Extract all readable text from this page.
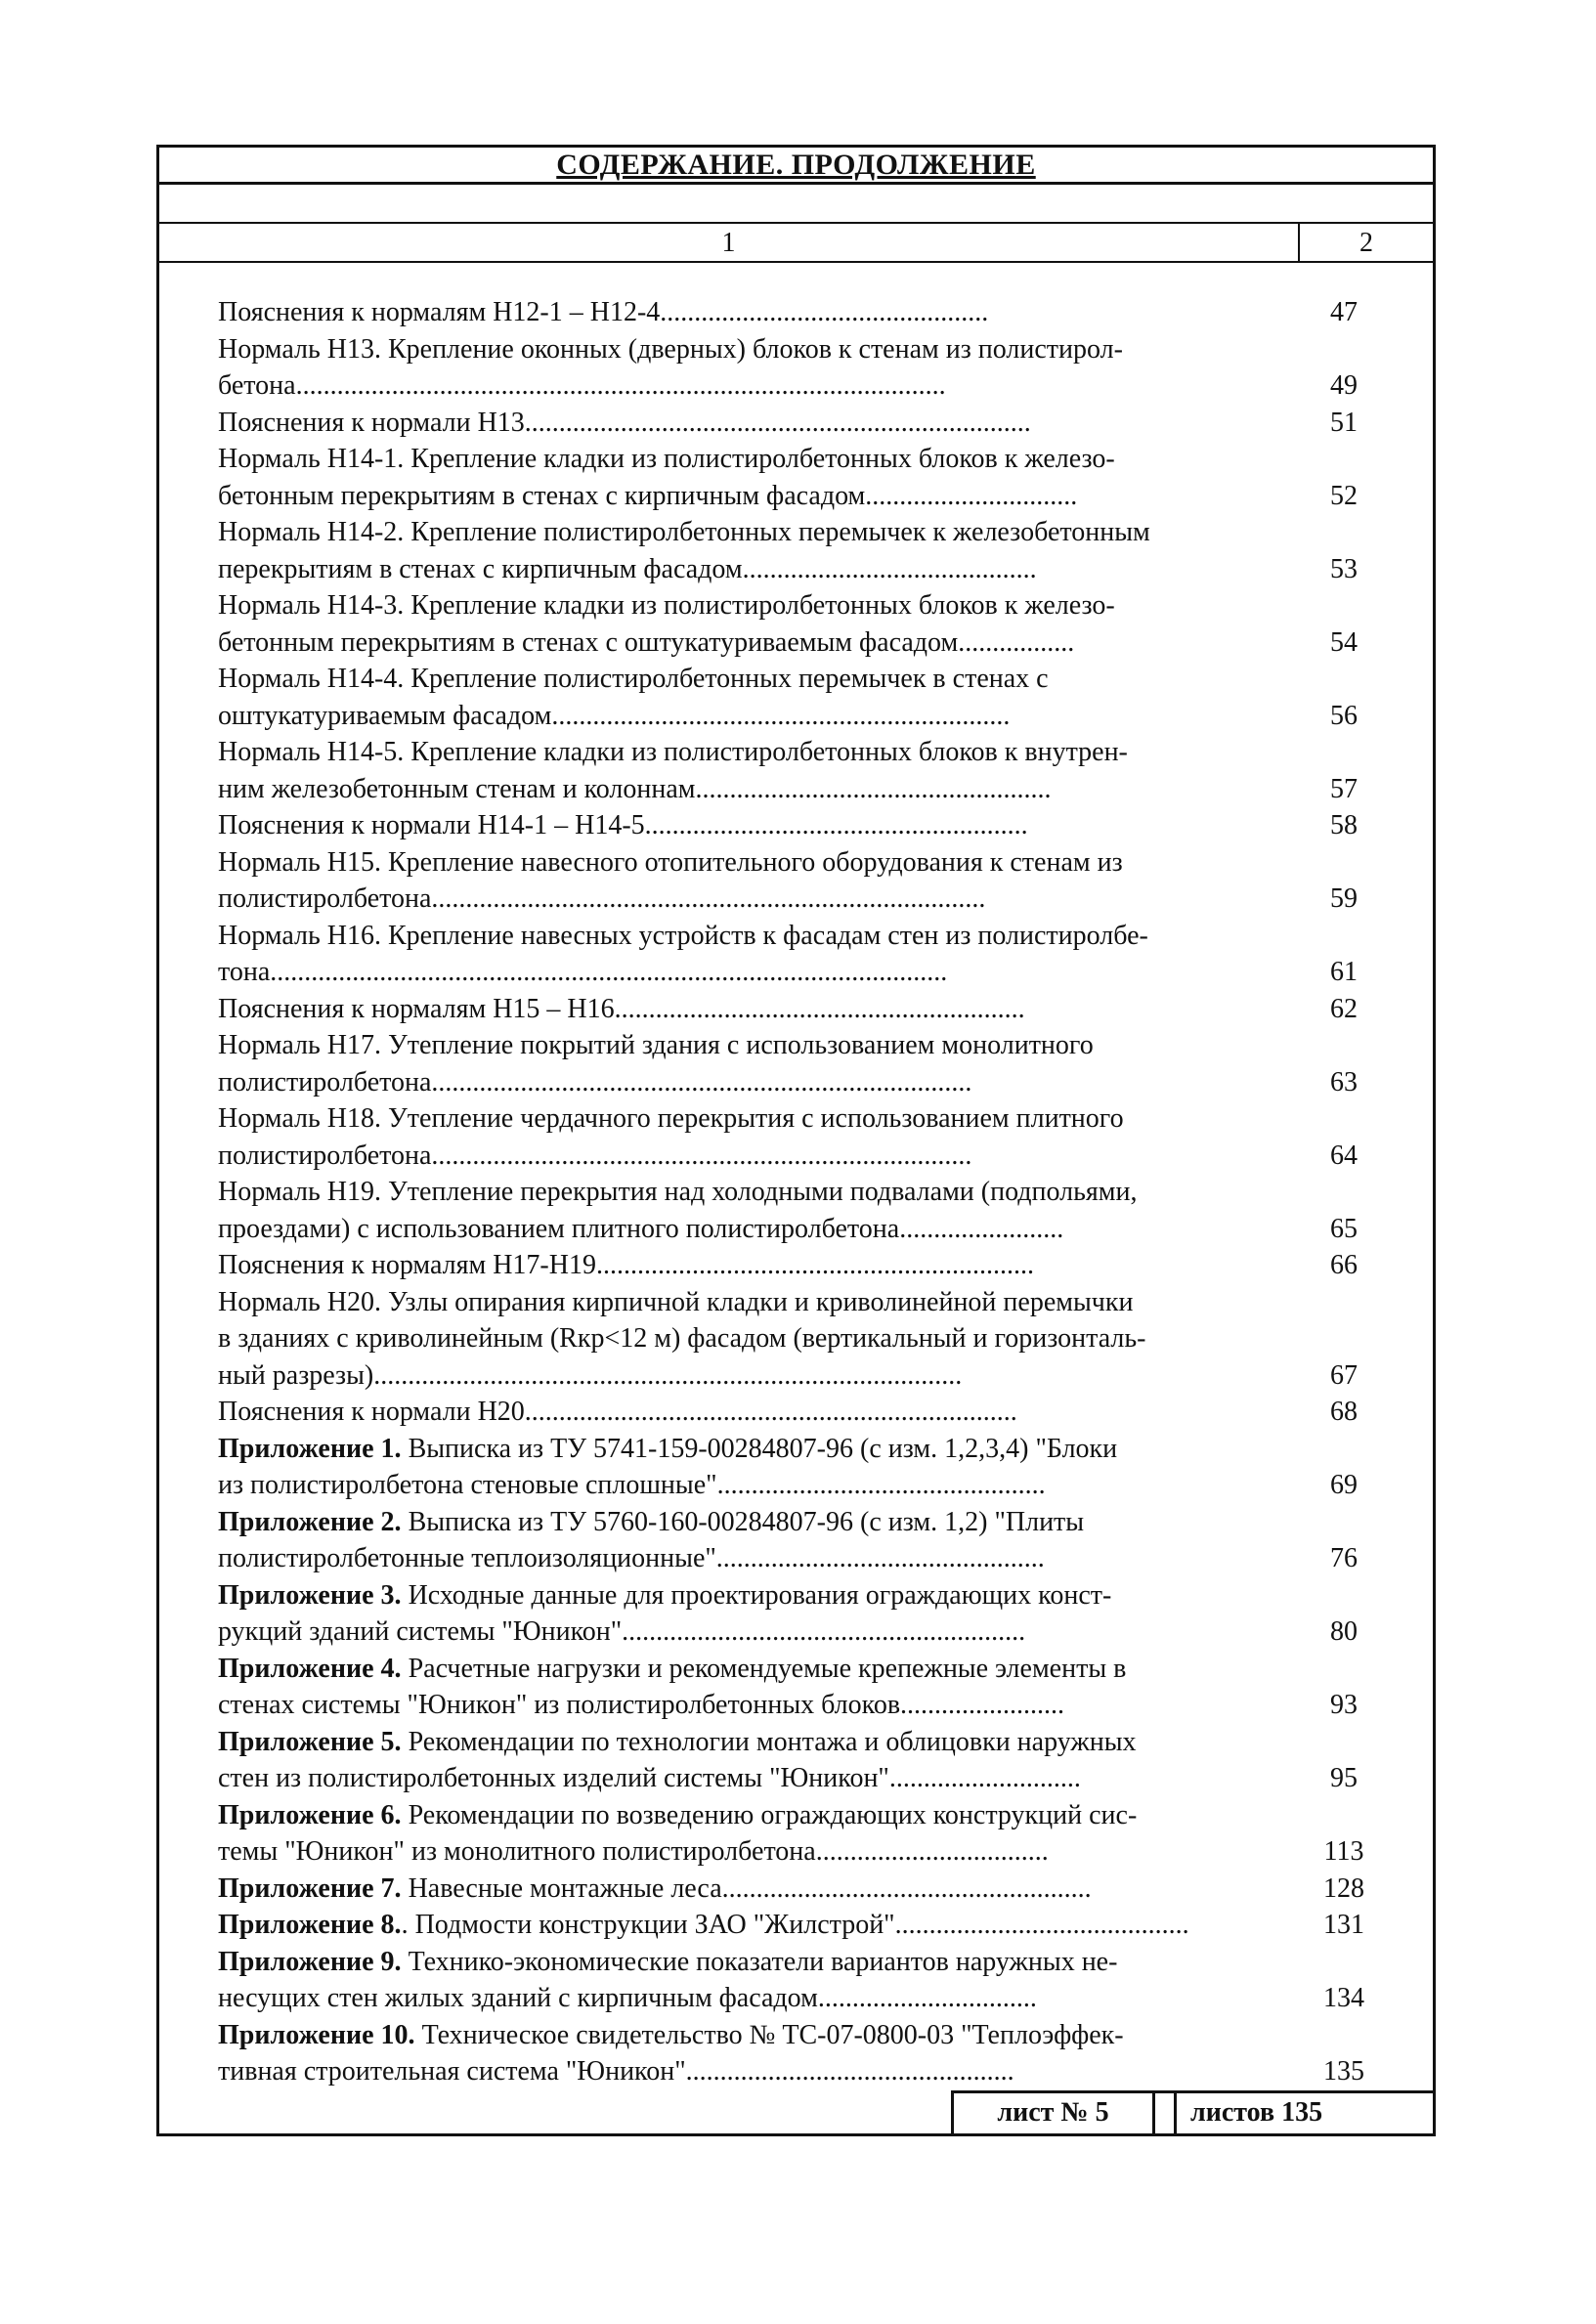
СОДЕРЖАНИЕ. ПРОДОЛЖЕНИЕ
1	2
Пояснения к нормалям Н12-1 – Н12-4................................................	47
Нормаль Н13. Крепление оконных (дверных) блоков к стенам из полистирол-
бетона...............................................................................................	49
Пояснения к нормали Н13..........................................................................	51
Нормаль Н14-1. Крепление кладки из полистиролбетонных блоков к железо-
бетонным перекрытиям в стенах с кирпичным фасадом...............................	52
Нормаль Н14-2. Крепление полистиролбетонных перемычек к железобетонным
перекрытиям в стенах с кирпичным фасадом...........................................	53
Нормаль Н14-3. Крепление кладки из полистиролбетонных блоков к железо-
бетонным перекрытиям в стенах с оштукатуриваемым фасадом.................	54
Нормаль Н14-4. Крепление полистиролбетонных перемычек в стенах с
оштукатуриваемым фасадом...................................................................	56
Нормаль Н14-5. Крепление кладки из полистиролбетонных блоков к внутрен-
ним железобетонным стенам и колоннам....................................................	57
Пояснения к нормали Н14-1 – Н14-5........................................................	58
Нормаль Н15. Крепление навесного отопительного оборудования к стенам из
полистиролбетона.................................................................................	59
Нормаль Н16. Крепление навесных устройств к фасадам стен из полистиролбе-
тона...................................................................................................	61
Пояснения к нормалям Н15 – Н16............................................................	62
Нормаль Н17. Утепление покрытий здания с использованием монолитного
полистиролбетона...............................................................................	63
Нормаль Н18. Утепление чердачного перекрытия с использованием плитного
полистиролбетона...............................................................................	64
Нормаль Н19. Утепление перекрытия над холодными подвалами (подпольями,
проездами) с использованием плитного полистиролбетона........................	65
Пояснения к нормалям Н17-Н19................................................................	66
Нормаль Н20. Узлы опирания кирпичной кладки и криволинейной перемычки
в зданиях с криволинейным (Rкр<12 м) фасадом (вертикальный и горизонталь-
ный разрезы)......................................................................................	67
Пояснения к нормали Н20........................................................................	68
Приложение 1. Выписка из ТУ 5741-159-00284807-96 (с изм. 1,2,3,4) "Блоки
из полистиролбетона стеновые сплошные"................................................	69
Приложение 2. Выписка из ТУ 5760-160-00284807-96 (с изм. 1,2) "Плиты
полистиролбетонные теплоизоляционные"................................................	76
Приложение 3. Исходные данные для проектирования ограждающих конст-
рукций зданий системы "Юникон"...........................................................	80
Приложение 4. Расчетные нагрузки и рекомендуемые крепежные элементы в
стенах системы "Юникон" из полистиролбетонных блоков........................	93
Приложение 5. Рекомендации по технологии монтажа и облицовки наружных
стен из полистиролбетонных изделий системы "Юникон"............................	95
Приложение 6. Рекомендации по возведению ограждающих конструкций сис-
темы "Юникон" из монолитного полистиролбетона..................................	113
Приложение 7. Навесные монтажные леса......................................................	128
Приложение 8.. Подмости конструкции ЗАО "Жилстрой"...........................................	131
Приложение 9. Технико-экономические показатели вариантов наружных не-
несущих стен жилых зданий с кирпичным фасадом................................	134
Приложение 10. Техническое свидетельство № ТС-07-0800-03 "Теплоэффек-
тивная строительная система "Юникон"................................................	135
лист № 5	листов 135
